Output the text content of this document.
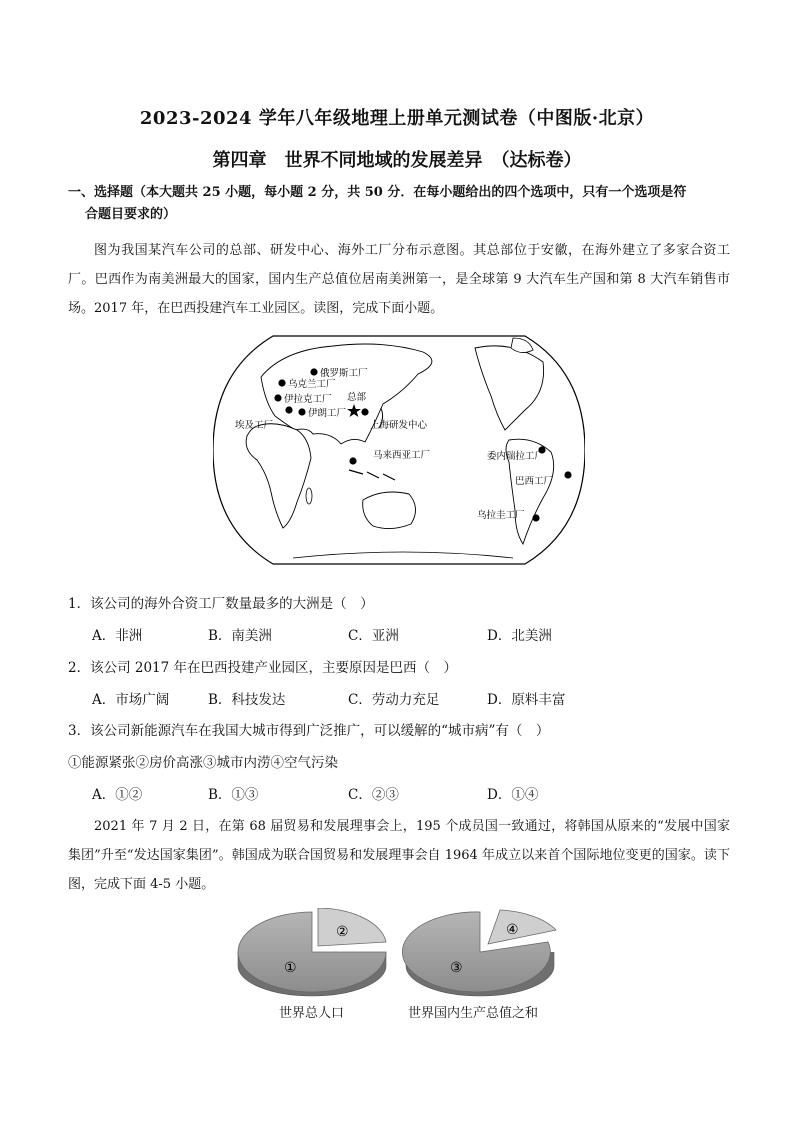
2023-2024 学年八年级地理上册单元测试卷（中图版·北京）
第四章　世界不同地域的发展差异　（达标卷）
一、选择题（本大题共 25 小题，每小题 2 分，共 50 分．在每小题给出的四个选项中，只有一个选项是符
合题目要求的）
图为我国某汽车公司的总部、研发中心、海外工厂分布示意图。其总部位于安徽，在海外建立了多家合资工厂。巴西作为南美洲最大的国家，国内生产总值位居南美洲第一，是全球第 9 大汽车生产国和第 8 大汽车销售市场。2017 年，在巴西投建汽车工业园区。读图，完成下面小题。
俄罗斯工厂
乌克兰工厂
伊拉克工厂
埃及工厂
伊朗工厂
总部
上海研发中心
马来西亚工厂	委内瑞拉工厂
巴西工厂
乌拉圭工厂
1．该公司的海外合资工厂数量最多的大洲是（　）
A．非洲	B．南美洲	C．亚洲	D．北美洲
2．该公司 2017 年在巴西投建产业园区，主要原因是巴西（　）
A．市场广阔	B．科技发达	C．劳动力充足	D．原料丰富
3．该公司新能源汽车在我国大城市得到广泛推广，可以缓解的“城市病”有（　）
①能源紧张②房价高涨③城市内涝④空气污染
A．①②	B．①③	C．②③	D．①④
2021 年 7 月 2 日，在第 68 届贸易和发展理事会上，195 个成员国一致通过，将韩国从原来的“发展中国家集团”升至“发达国家集团”。韩国成为联合国贸易和发展理事会自 1964 年成立以来首个国际地位变更的国家。读下图，完成下面 4-5 小题。
①
②
世界总人口
③
④
世界国内生产总值之和
